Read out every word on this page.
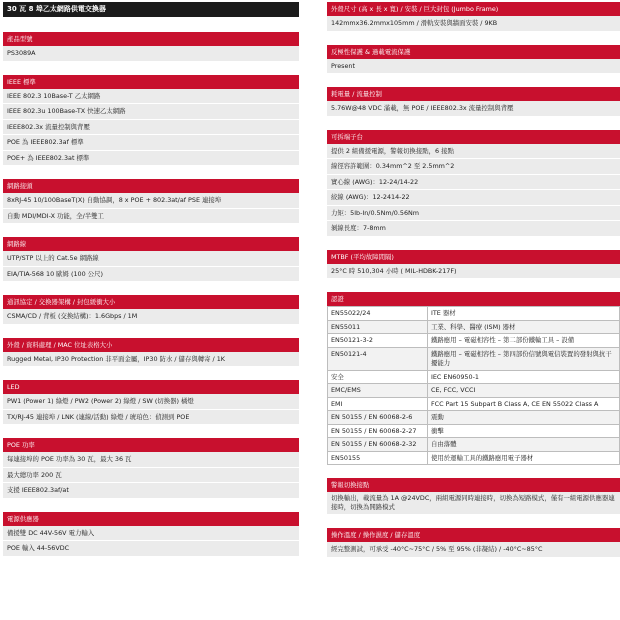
30 瓦 8 埠乙太網路供電交換器
產品型號
PS3089A
IEEE 標準
IEEE 802.3 10Base-T 乙太網路
IEEE 802.3u 100Base-TX 快速乙太網路
IEEE802.3x 流量控制與背壓
POE 為 IEEE802.3af 標準
POE+ 為 IEEE802.3at 標準
網路接頭
8xRJ-45 10/100BaseT(X) 自動協調，8 x POE + 802.3at/af PSE 連接埠
自動 MDI/MDI-X 功能，全/半雙工
網路線
UTP/STP 以上的 Cat.5e 網路線
EIA/TIA-568 10 歐姆 (100 公尺)
通訊協定 / 交換器架構 / 封包緩衝大小
CSMA/CD / 背板 (交換結構)：1.6Gbps / 1M
外殼 / 資料處理 / MAC 位址表格大小
Rugged Metal, IP30 Protection 非平面金屬，IP30 防水 / 儲存與轉寄 / 1K
LED
PW1 (Power 1) 綠燈 / PW2 (Power 2) 綠燈 / SW (切換器) 橘燈
TX/RJ-45 連接埠 / LNK (連線/活動) 綠燈 / 琥珀色：偵測到 POE
POE 功率
每連接埠的 POE 功率為 30 瓦，最大 36 瓦
最大總功率 200 瓦
支援 IEEE802.3af/at
電源供應器
備援雙 DC 44V-56V 電力輸入
POE 輸入 44-56VDC
外殼尺寸 (高 x 長 x 寬) / 安裝 / 巨大封包 (Jumbo Frame)
142mmx36.2mmx105mm / 滑軌安裝與牆面安裝 / 9KB
反極性保護 & 過載電流保護
Present
耗電量 / 流量控制
5.76W@48 VDC 滿載，無 POE / IEEE802.3x 流量控制與背壓
可拆端子台
提供 2 組備援電源，警報切換接點，6 接點
線徑容許範圍：0.34mm^2 至 2.5mm^2
實心線 (AWG)：12-24/14-22
絞線 (AWG)：12-2414-22
力矩：5lb-In/0.5Nm/0.56Nm
剝線長度：7-8mm
MTBF (平均故障間隔)
25°C 時 510,304 小時 ( MIL-HDBK-217F)
認證
EN55022/24	ITE 器材
EN55011	工業、科學、醫療 (ISM) 器材
EN50121-3-2	鐵路應用 – 電磁相容性 – 第二部份鐵輪工具 – 設備
EN50121-4	鐵路應用 – 電磁相容性 – 第四部份信號與電信裝置的發射與抗干擾能力
安全	IEC EN60950-1
EMC/EMS	CE, FCC, VCCI
EMI	FCC Part 15 Subpart B Class A, CE EN 55022 Class A
EN 50155 / EN 60068-2-6	震動
EN 50155 / EN 60068-2-27	衝擊
EN 50155 / EN 60068-2-32	自由落體
EN50155	使用於運輸工具的鐵路應用電子器材
警報切換接點
切換輸出，載流量為 1A @24VDC，兩組電源同時連接時，切換為短路模式，僅有一組電源供應器連接時，切換為開路模式
操作溫度 / 操作濕度 / 儲存溫度
經完整測試，可承受 -40°C~75°C / 5% 至 95% (非凝結) / -40°C~85°C
